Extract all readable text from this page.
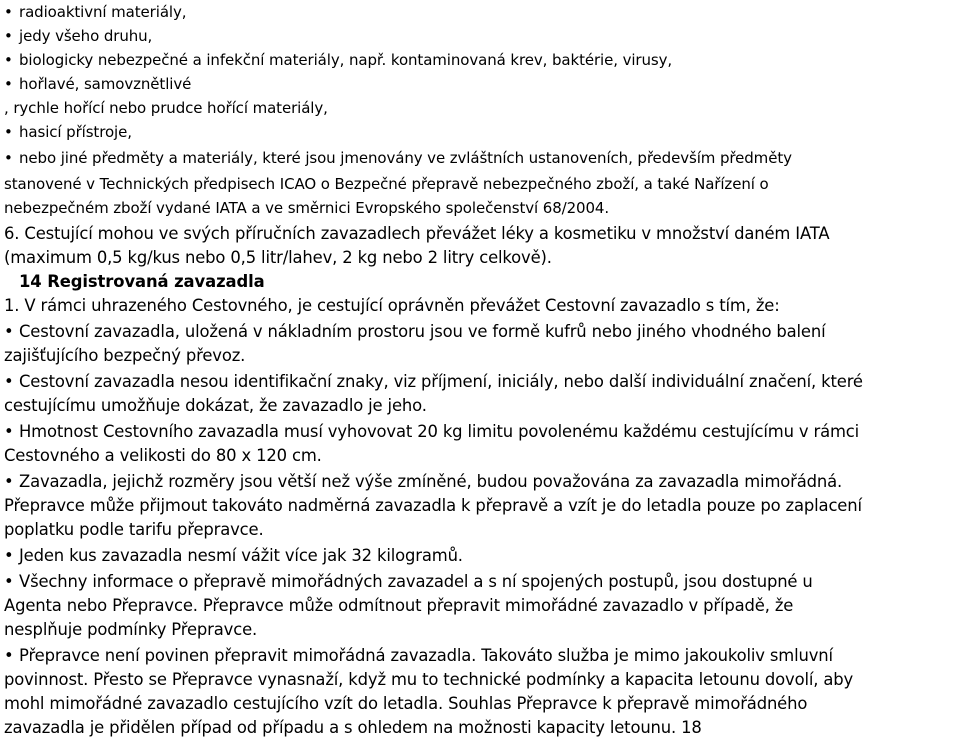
• radioaktivní materiály,

• jedy všeho druhu,

• biologicky nebezpečné a infekční materiály, např. kontaminovaná krev, baktérie, virusy,

• hořlavé, samovznětlivé

, rychle hořící nebo prudce hořící materiály,

• hasicí přístroje,

• nebo jiné předměty a materiály, které jsou jmenovány ve zvláštních ustanoveních, především předměty

stanovené v Technických předpisech ICAO o Bezpečné přepravě nebezpečného zboží, a také Nařízení o

nebezpečném zboží vydané IATA a ve směrnici Evropského společenství 68/2004.

6. Cestující mohou ve svých příručních zavazadlech převážet léky a kosmetiku v množství daném IATA

(maximum 0,5 kg/kus nebo 0,5 litr/lahev, 2 kg nebo 2 litry celkově).

14 Registrovaná zavazadla

1. V rámci uhrazeného Cestovného, je cestující oprávněn převážet Cestovní zavazadlo s tím, že:

• Cestovní zavazadla, uložená v nákladním prostoru jsou ve formě kufrů nebo jiného vhodného balení

zajišťujícího bezpečný převoz.

• Cestovní zavazadla nesou identifikační znaky, viz příjmení, iniciály, nebo další individuální značení, které

cestujícímu umožňuje dokázat, že zavazadlo je jeho.

• Hmotnost Cestovního zavazadla musí vyhovovat 20 kg limitu povolenému každému cestujícímu v rámci

Cestovného a velikosti do 80 x 120 cm.

• Zavazadla, jejichž rozměry jsou větší než výše zmíněné, budou považována za zavazadla mimořádná.

Přepravce může přijmout takováto nadměrná zavazadla k přepravě a vzít je do letadla pouze po zaplacení

poplatku podle tarifu přepravce.

• Jeden kus zavazadla nesmí vážit více jak 32 kilogramů.

• Všechny informace o přepravě mimořádných zavazadel a s ní spojených postupů, jsou dostupné u

Agenta nebo Přepravce. Přepravce může odmítnout přepravit mimořádné zavazadlo v případě, že

nesplňuje podmínky Přepravce.

• Přepravce není povinen přepravit mimořádná zavazadla. Takováto služba je mimo jakoukoliv smluvní

povinnost. Přesto se Přepravce vynasnaží, když mu to technické podmínky a kapacita letounu dovolí, aby

mohl mimořádné zavazadlo cestujícího vzít do letadla. Souhlas Přepravce k přepravě mimořádného

zavazadla je přidělen případ od případu a s ohledem na možnosti kapacity letounu. 18
